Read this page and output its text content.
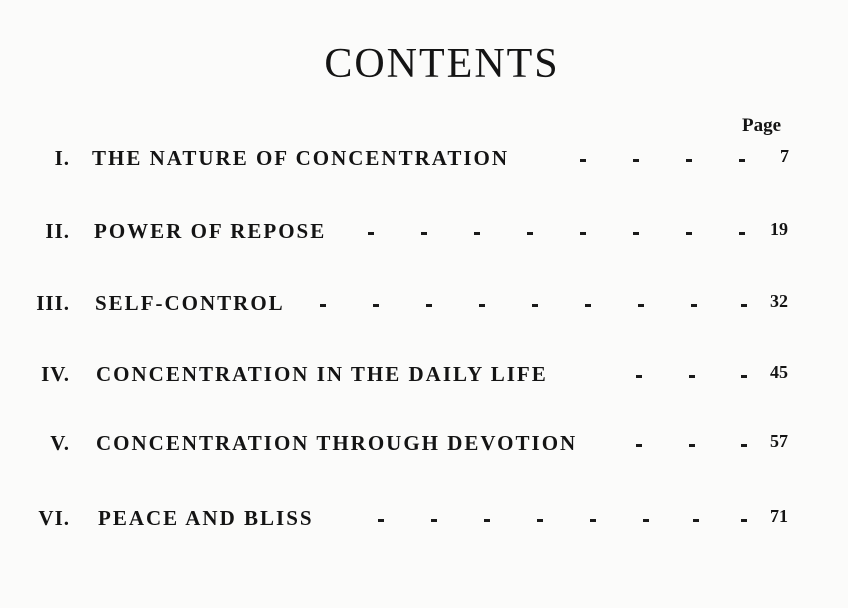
CONTENTS
Page
I. THE NATURE OF CONCENTRATION	7
II. POWER OF REPOSE	19
III. SELF-CONTROL	32
IV. CONCENTRATION IN THE DAILY LIFE	45
V. CONCENTRATION THROUGH DEVOTION	57
VI. PEACE AND BLISS	71
